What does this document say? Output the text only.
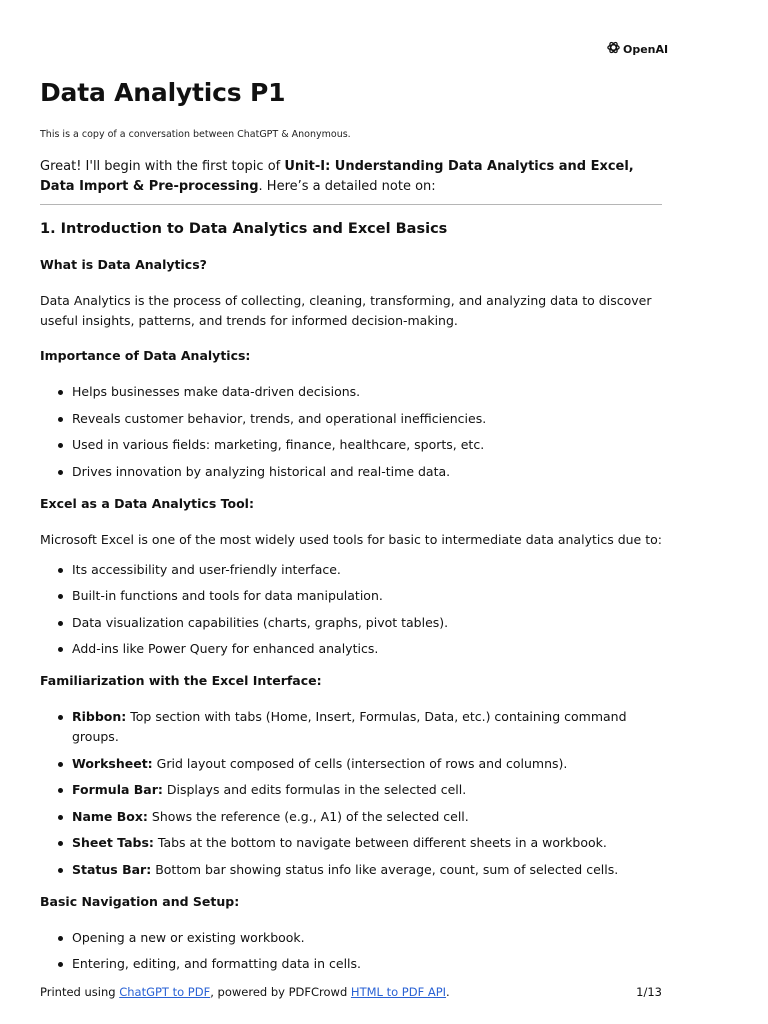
OpenAI
Data Analytics P1
This is a copy of a conversation between ChatGPT & Anonymous.

Great! I'll begin with the first topic of Unit-I: Understanding Data Analytics and Excel, Data Import & Pre-processing. Here’s a detailed note on:

1. Introduction to Data Analytics and Excel Basics
What is Data Analytics?

Data Analytics is the process of collecting, cleaning, transforming, and analyzing data to discover useful insights, patterns, and trends for informed decision-making.

Importance of Data Analytics:
Helps businesses make data-driven decisions.
Reveals customer behavior, trends, and operational inefficiencies.
Used in various fields: marketing, finance, healthcare, sports, etc.
Drives innovation by analyzing historical and real-time data.
Excel as a Data Analytics Tool:

Microsoft Excel is one of the most widely used tools for basic to intermediate data analytics due to:

Its accessibility and user-friendly interface.
Built-in functions and tools for data manipulation.
Data visualization capabilities (charts, graphs, pivot tables).
Add-ins like Power Query for enhanced analytics.
Familiarization with the Excel Interface:
Ribbon: Top section with tabs (Home, Insert, Formulas, Data, etc.) containing command groups.
Worksheet: Grid layout composed of cells (intersection of rows and columns).
Formula Bar: Displays and edits formulas in the selected cell.
Name Box: Shows the reference (e.g., A1) of the selected cell.
Sheet Tabs: Tabs at the bottom to navigate between different sheets in a workbook.
Status Bar: Bottom bar showing status info like average, count, sum of selected cells.
Basic Navigation and Setup:
Opening a new or existing workbook.
Entering, editing, and formatting data in cells.
Printed using ChatGPT to PDF, powered by PDFCrowd HTML to PDF API.	1/13
